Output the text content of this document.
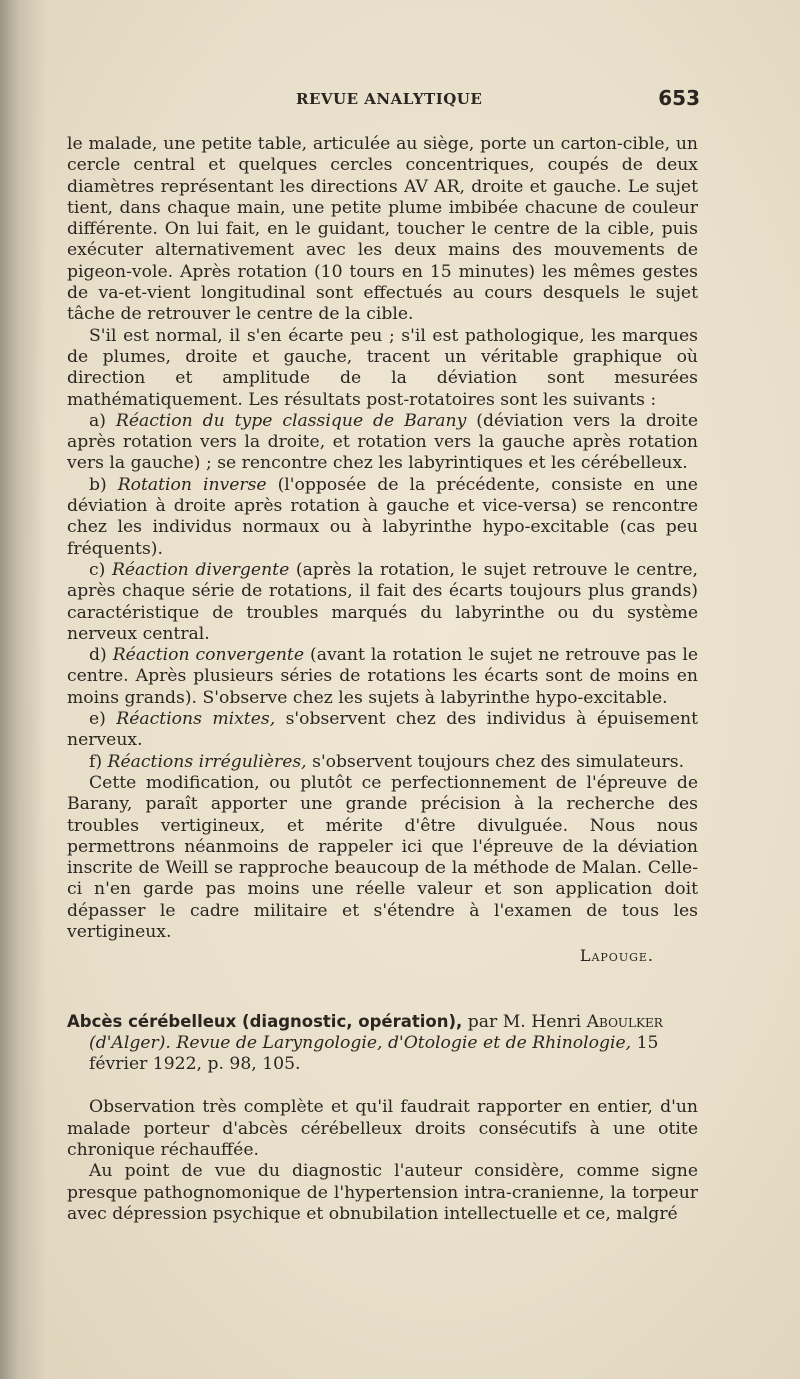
REVUE ANALYTIQUE	653

le malade, une petite table, articulée au siège, porte un carton-cible, un cercle central et quelques cercles concentriques, coupés de deux diamètres représentant les directions AV AR, droite et gauche. Le sujet tient, dans chaque main, une petite plume imbibée chacune de couleur différente. On lui fait, en le guidant, toucher le centre de la cible, puis exécuter alternativement avec les deux mains des mouvements de pigeon-vole. Après rotation (10 tours en 15 minutes) les mêmes gestes de va-et-vient longitudinal sont effectués au cours desquels le sujet tâche de retrouver le centre de la cible.

S'il est normal, il s'en écarte peu ; s'il est pathologique, les marques de plumes, droite et gauche, tracent un véritable graphique où direction et amplitude de la déviation sont mesurées mathématiquement. Les résultats post-rotatoires sont les suivants :

a) Réaction du type classique de Barany (déviation vers la droite après rotation vers la droite, et rotation vers la gauche après rotation vers la gauche) ; se rencontre chez les labyrintiques et les cérébelleux.

b) Rotation inverse (l'opposée de la précédente, consiste en une déviation à droite après rotation à gauche et vice-versa) se rencontre chez les individus normaux ou à labyrinthe hypo-excitable (cas peu fréquents).

c) Réaction divergente (après la rotation, le sujet retrouve le centre, après chaque série de rotations, il fait des écarts toujours plus grands) caractéristique de troubles marqués du labyrinthe ou du système nerveux central.

d) Réaction convergente (avant la rotation le sujet ne retrouve pas le centre. Après plusieurs séries de rotations les écarts sont de moins en moins grands). S'observe chez les sujets à labyrinthe hypo-excitable.

e) Réactions mixtes, s'observent chez des individus à épuisement nerveux.

f) Réactions irrégulières, s'observent toujours chez des simulateurs.

Cette modification, ou plutôt ce perfectionnement de l'épreuve de Barany, paraît apporter une grande précision à la recherche des troubles vertigineux, et mérite d'être divulguée. Nous nous permettrons néanmoins de rappeler ici que l'épreuve de la déviation inscrite de Weill se rapproche beaucoup de la méthode de Malan. Celle-ci n'en garde pas moins une réelle valeur et son application doit dépasser le cadre militaire et s'étendre à l'examen de tous les vertigineux.

Lapouge.

Abcès cérébelleux (diagnostic, opération), par M. Henri Aboulker (d'Alger). Revue de Laryngologie, d'Otologie et de Rhinologie, 15 février 1922, p. 98, 105.

Observation très complète et qu'il faudrait rapporter en entier, d'un malade porteur d'abcès cérébelleux droits consécutifs à une otite chronique réchauffée.

Au point de vue du diagnostic l'auteur considère, comme signe presque pathognomonique de l'hypertension intra-cranienne, la torpeur avec dépression psychique et obnubilation intellectuelle et ce, malgré
